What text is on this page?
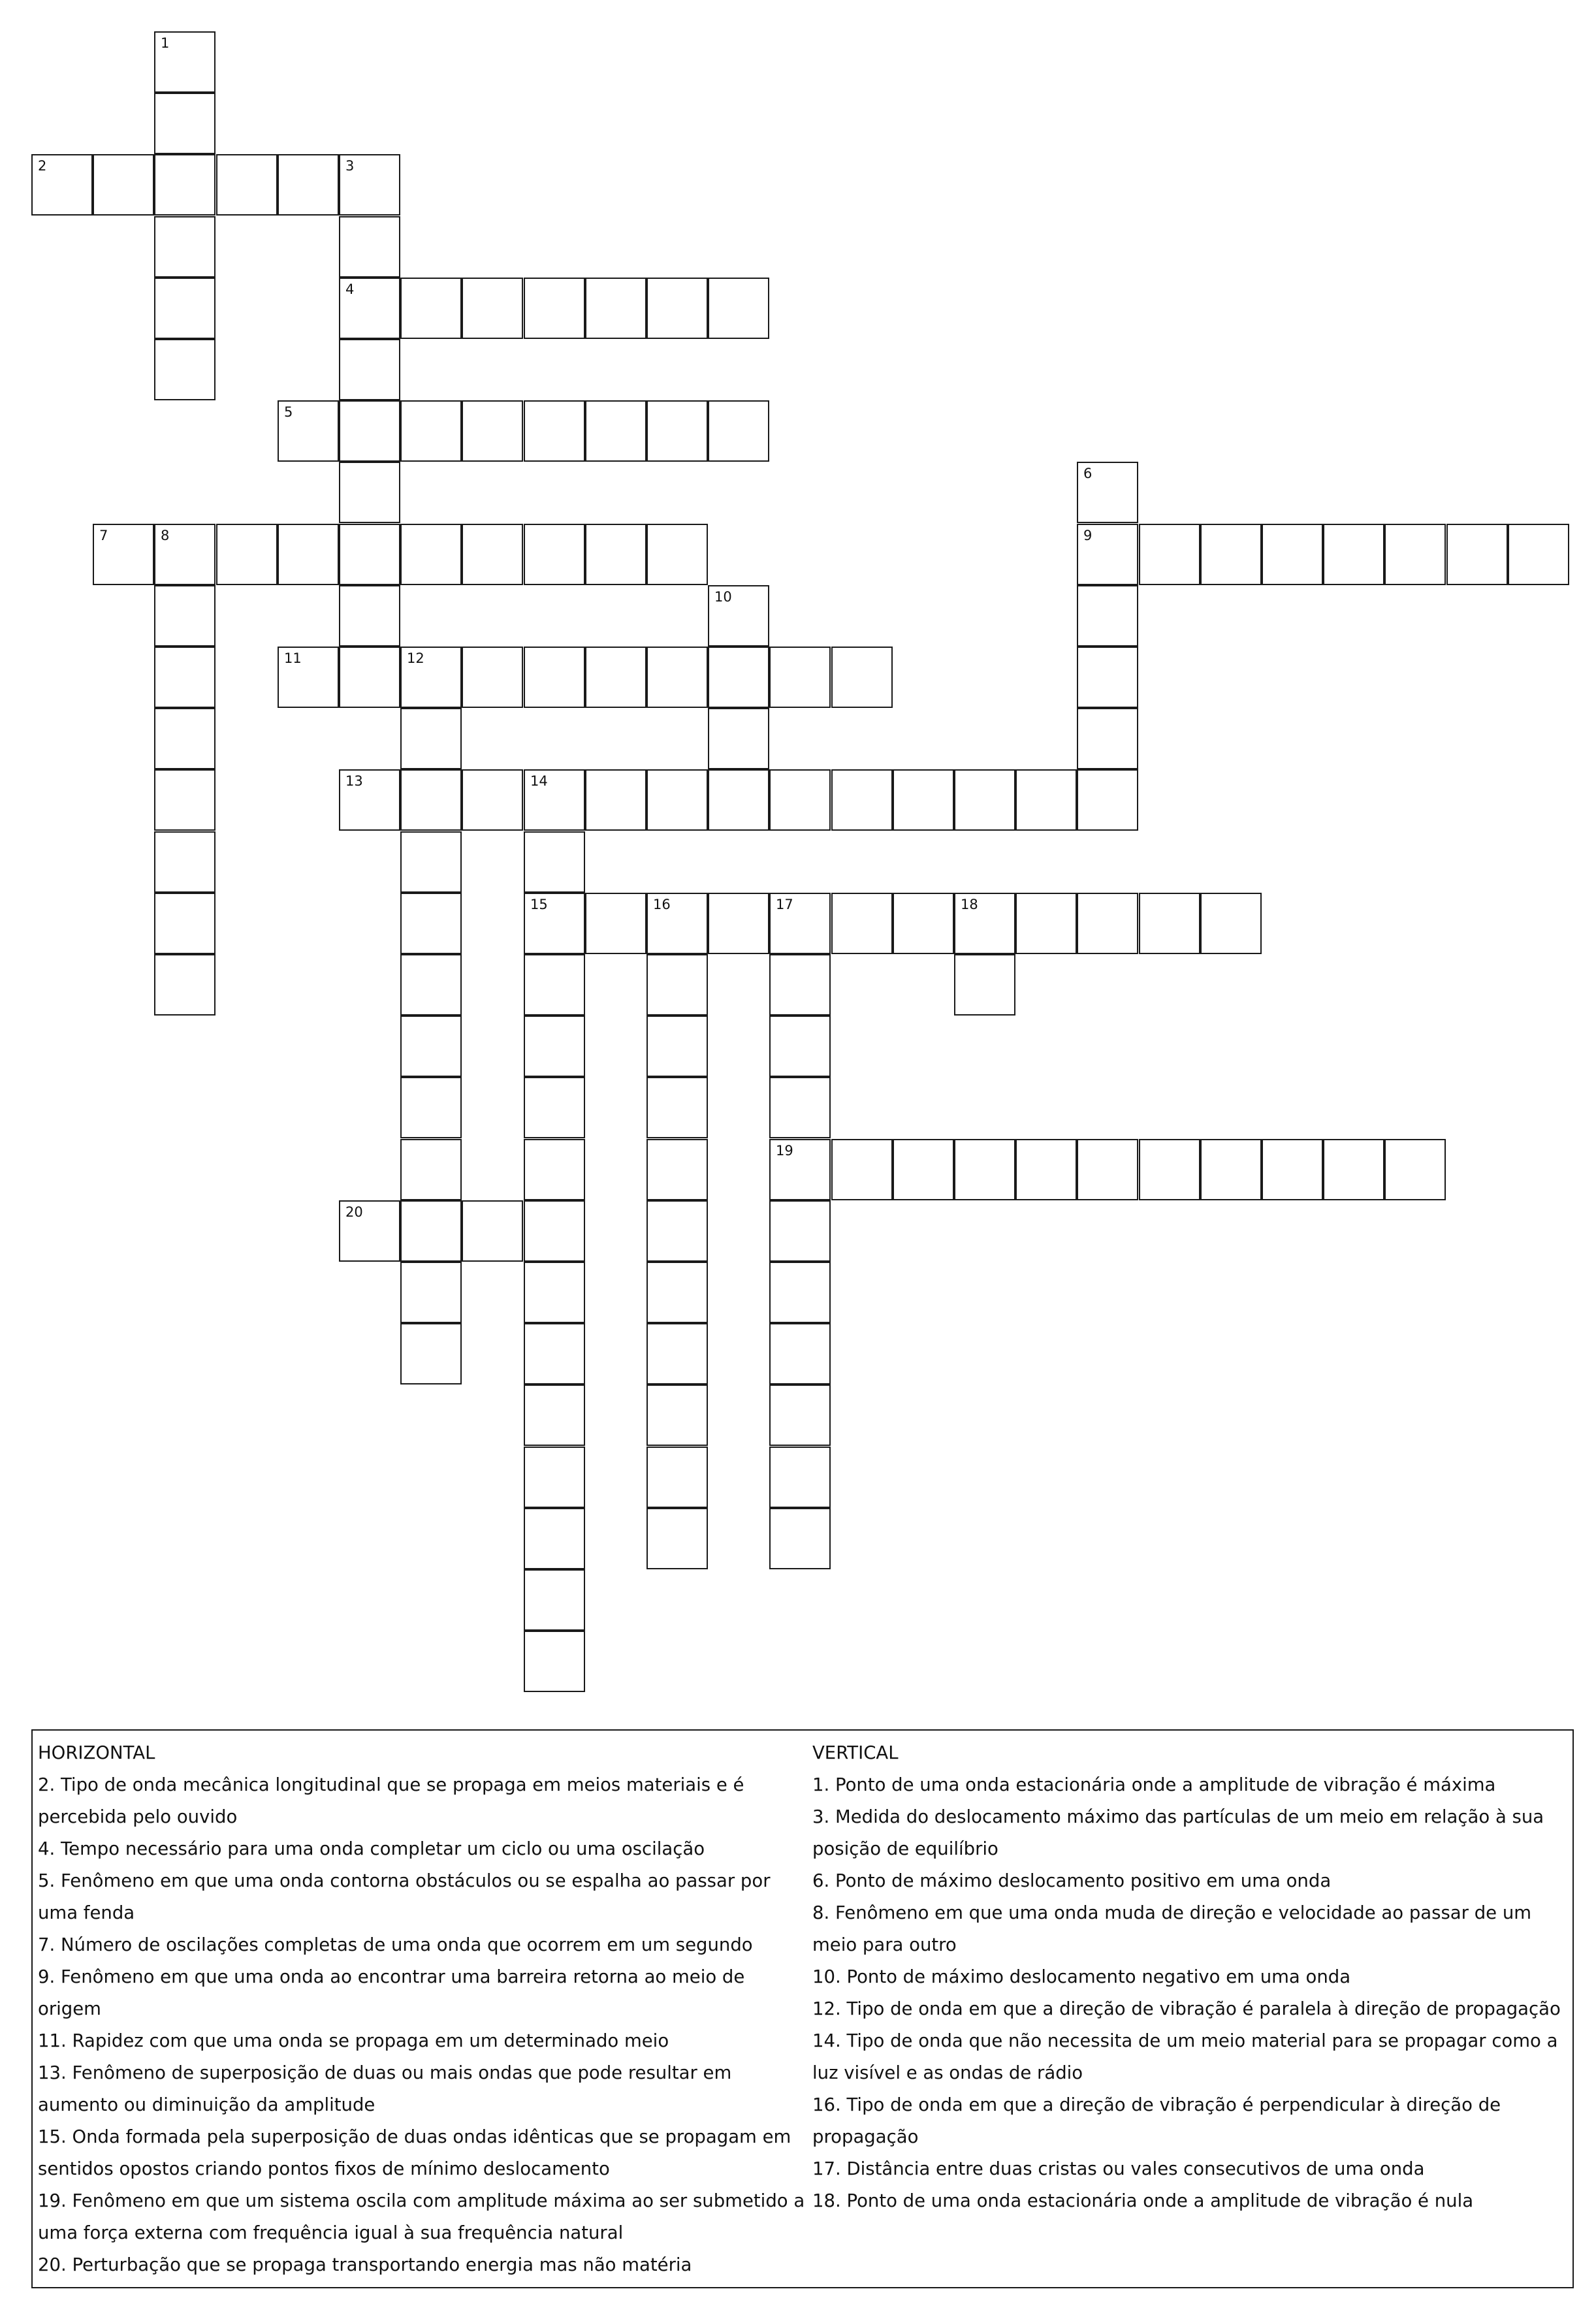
1
2	3
4
5
6
9
7	8
10
11	12
13	14
15	16	17	18
19
20
HORIZONTAL
2. Tipo de onda mecânica longitudinal que se propaga em meios materiais e é percebida pelo ouvido
4. Tempo necessário para uma onda completar um ciclo ou uma oscilação
5. Fenômeno em que uma onda contorna obstáculos ou se espalha ao passar por uma fenda
7. Número de oscilações completas de uma onda que ocorrem em um segundo
9. Fenômeno em que uma onda ao encontrar uma barreira retorna ao meio de origem
11. Rapidez com que uma onda se propaga em um determinado meio
13. Fenômeno de superposição de duas ou mais ondas que pode resultar em aumento ou diminuição da amplitude
15. Onda formada pela superposição de duas ondas idênticas que se propagam em sentidos opostos criando pontos fixos de mínimo deslocamento
19. Fenômeno em que um sistema oscila com amplitude máxima ao ser submetido a uma força externa com frequência igual à sua frequência natural
20. Perturbação que se propaga transportando energia mas não matéria
VERTICAL
1. Ponto de uma onda estacionária onde a amplitude de vibração é máxima
3. Medida do deslocamento máximo das partículas de um meio em relação à sua posição de equilíbrio
6. Ponto de máximo deslocamento positivo em uma onda
8. Fenômeno em que uma onda muda de direção e velocidade ao passar de um meio para outro
10. Ponto de máximo deslocamento negativo em uma onda
12. Tipo de onda em que a direção de vibração é paralela à direção de propagação
14. Tipo de onda que não necessita de um meio material para se propagar como a luz visível e as ondas de rádio
16. Tipo de onda em que a direção de vibração é perpendicular à direção de propagação
17. Distância entre duas cristas ou vales consecutivos de uma onda
18. Ponto de uma onda estacionária onde a amplitude de vibração é nula
